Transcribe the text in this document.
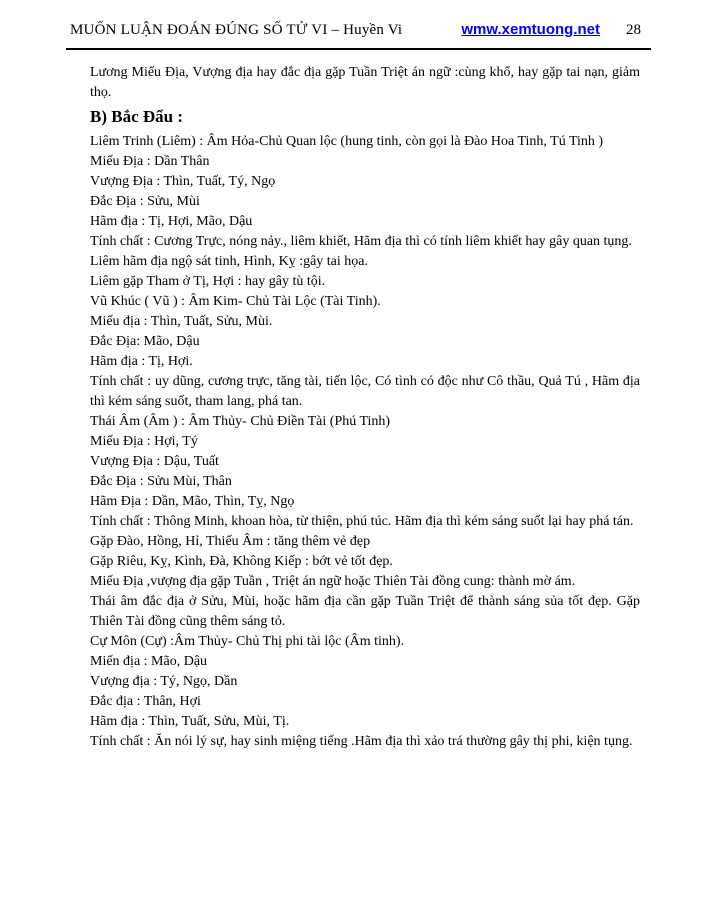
MUỐN LUẬN ĐOÁN ĐÚNG SỐ TỬ VI – Huyền Vi	wmw.xemtuong.net 28

Lương Miếu Địa, Vượng địa hay đắc địa gặp Tuần Triệt án ngữ :cùng khổ, hay gặp tai nạn, giảm thọ.

B) Bắc Đẩu :

Liêm Trinh (Liêm) : Âm Hỏa-Chủ Quan lộc (hung tinh, còn gọi là Đào Hoa Tinh, Tú Tinh )

Miếu Địa : Dần Thân

Vượng Địa : Thìn, Tuất, Tý, Ngọ

Đắc Địa : Sửu, Mùi

Hãm địa : Tị, Hợi, Mão, Dậu

Tính chất : Cương Trực, nóng nảy., liêm khiết, Hãm địa thì có tính liêm khiết hay gây quan tụng.

Liêm hãm địa ngộ sát tinh, Hình, Kỵ :gây tai họa.

Liêm gặp Tham ở Tị, Hợi : hay gây tù tội.

Vũ Khúc ( Vũ ) : Âm Kim- Chủ Tài Lộc (Tài Tinh).

Miếu địa : Thìn, Tuất, Sửu, Mùi.

Đắc Địa: Mão, Dậu

Hãm địa : Tị, Hợi.

Tính chất : uy dũng, cương trực, tăng tài, tiến lộc, Có tình có độc như Cô thầu, Quả Tú , Hãm địa thì kém sáng suốt, tham lang, phá tan.

Thái Âm (Âm ) : Âm Thủy- Chủ Điền Tài (Phú Tinh)

Miếu Địa : Hợi, Tý

Vượng Địa : Dậu, Tuất

Đắc Địa : Sửu Mùi, Thân

Hãm Địa : Dần, Mão, Thìn, Tỵ, Ngọ

Tính chất : Thông Minh, khoan hòa, từ thiện, phú túc. Hãm địa thì kém sáng suốt lại hay phá tán.

Gặp Đào, Hồng, Hỉ, Thiếu Âm : tăng thêm vẻ đẹp

Gặp Riêu, Kỵ, Kình, Đà, Không Kiếp : bớt vẻ tốt đẹp.

Miếu Địa ,vượng địa gặp Tuần , Triệt án ngữ hoặc Thiên Tài đồng cung: thành mờ ám.

Thái âm đắc địa ở Sửu, Mùi, hoặc hãm địa cần gặp Tuần Triệt để thành sáng sủa tốt đẹp. Gặp Thiên Tài đồng cũng thêm sáng tỏ.

Cự Môn (Cự) :Âm Thủy- Chủ Thị phi tài lộc (Âm tinh).

Miến địa : Mão, Dậu

Vượng địa : Tý, Ngọ, Dần

Đắc địa : Thân, Hợi

Hãm địa : Thìn, Tuất, Sửu, Mùi, Tị.

Tính chất : Ăn nói lý sự, hay sinh miệng tiếng .Hãm địa thì xảo trá thường gây thị phi, kiện tụng.
